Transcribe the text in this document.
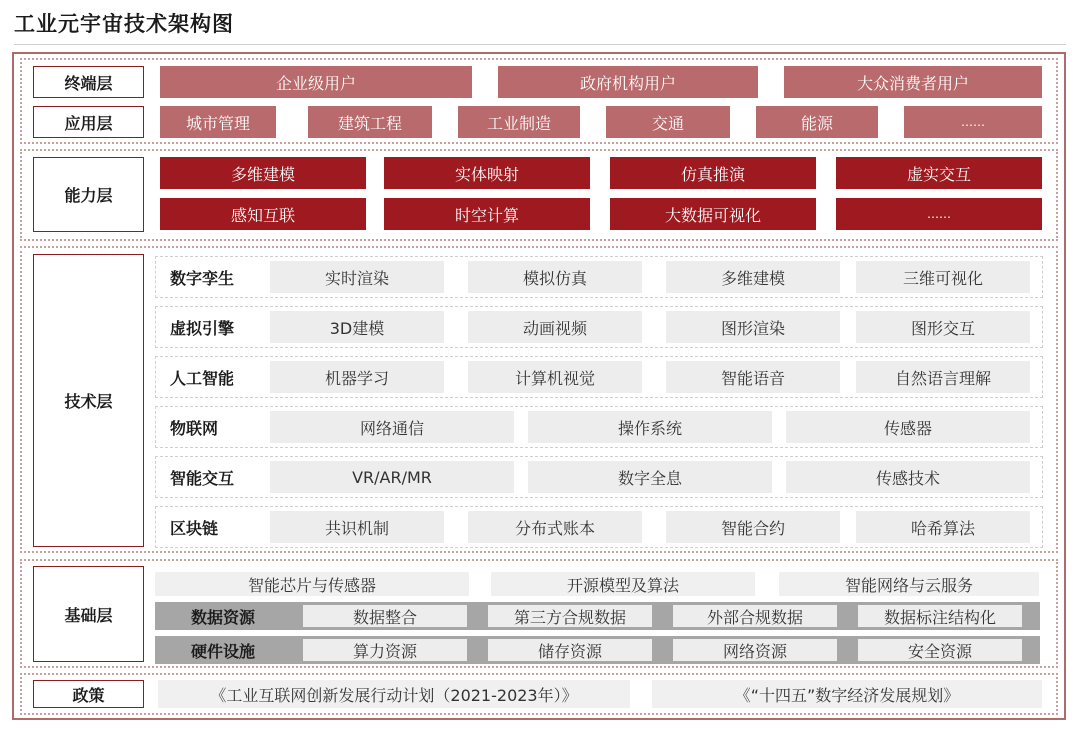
工业元宇宙技术架构图
终端层	企业级用户	政府机构用户	大众消费者用户
应用层	城市管理	建筑工程	工业制造	交通	能源	……
能力层
多维建模	实体映射	仿真推演	虚实交互
感知互联	时空计算	大数据可视化	……
技术层
数字孪生	实时渲染	模拟仿真	多维建模	三维可视化
虚拟引擎	3D建模	动画视频	图形渲染	图形交互
人工智能	机器学习	计算机视觉	智能语音	自然语言理解
物联网	网络通信	操作系统	传感器
智能交互	VR/AR/MR	数字全息	传感技术
区块链	共识机制	分布式账本	智能合约	哈希算法
基础层
智能芯片与传感器	开源模型及算法	智能网络与云服务
数据资源	数据整合	第三方合规数据	外部合规数据	数据标注结构化
硬件设施	算力资源	储存资源	网络资源	安全资源
政策	《工业互联网创新发展行动计划（2021-2023年）》	《“十四五”数字经济发展规划》
